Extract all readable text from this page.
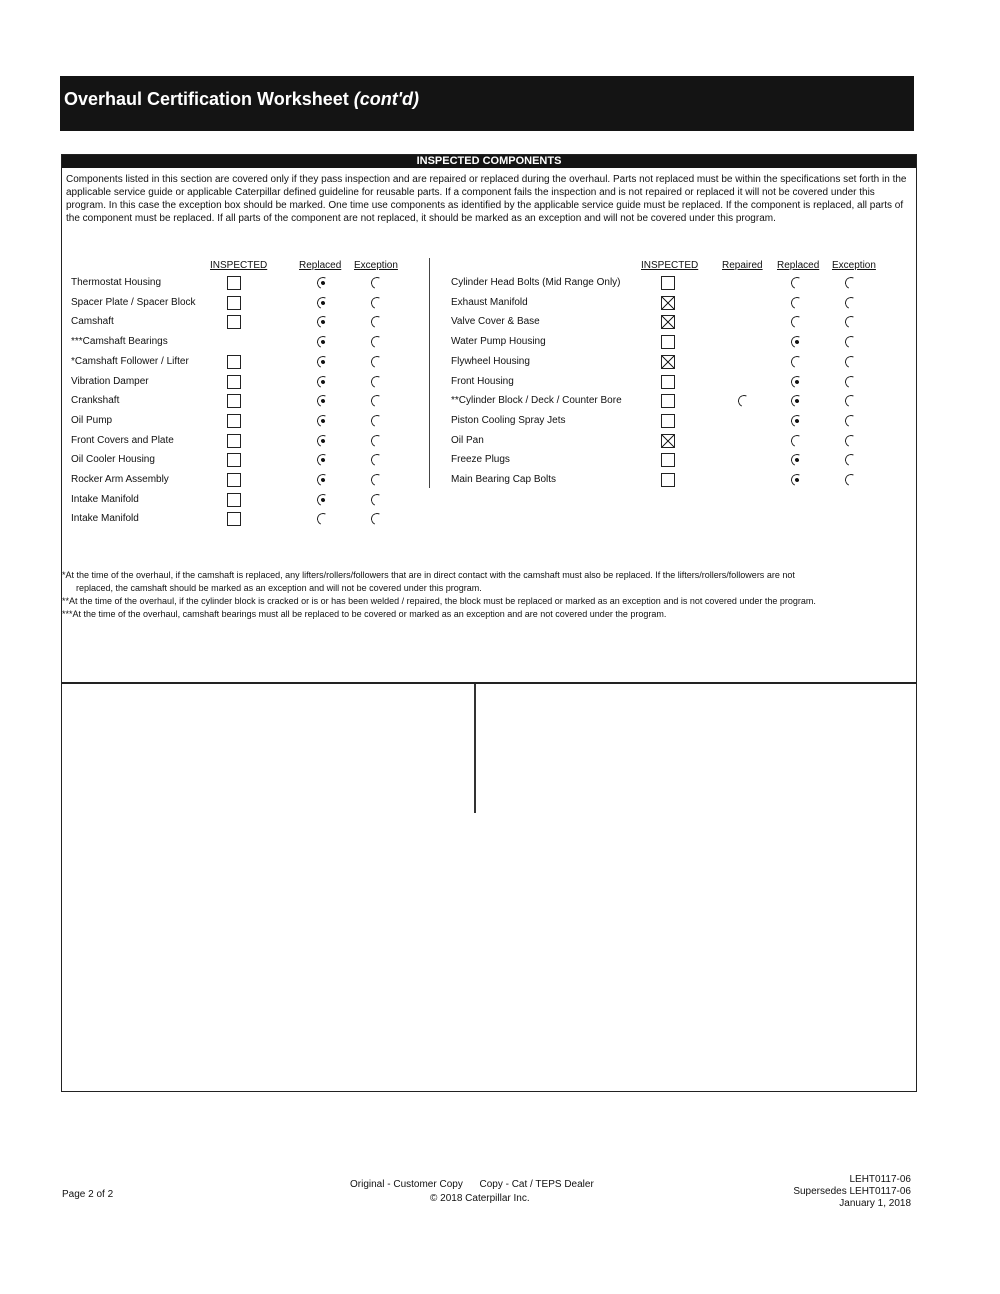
Overhaul Certification Worksheet (cont'd)
INSPECTED COMPONENTS
Components listed in this section are covered only if they pass inspection and are repaired or replaced during the overhaul. Parts not replaced must be within the specifications set forth in the applicable service guide or applicable Caterpillar defined guideline for reusable parts. If a component fails the inspection and is not repaired or replaced it will not be covered under this program. In this case the exception box should be marked. One time use components as identified by the applicable service guide must be replaced. If the component is replaced, all parts of the component must be replaced. If all parts of the component are not replaced, it should be marked as an exception and will not be covered under this program.
INSPECTED	Replaced Exception	INSPECTED Repaired Replaced Exception
Thermostat Housing
Spacer Plate / Spacer Block
Camshaft
***Camshaft Bearings
*Camshaft Follower / Lifter
Vibration Damper
Crankshaft
Oil Pump
Front Covers and Plate
Oil Cooler Housing
Rocker Arm Assembly
Intake Manifold
Intake Manifold
Cylinder Head Bolts (Mid Range Only)
Exhaust Manifold
Valve Cover & Base
Water Pump Housing
Flywheel Housing
Front Housing
**Cylinder Block / Deck / Counter Bore
Piston Cooling Spray Jets
Oil Pan
Freeze Plugs
Main Bearing Cap Bolts
*At the time of the overhaul, if the camshaft is replaced, any lifters/rollers/followers that are in direct contact with the camshaft must also be replaced. If the lifters/rollers/followers are not
replaced, the camshaft should be marked as an exception and will not be covered under this program.
**At the time of the overhaul, if the cylinder block is cracked or is or has been welded / repaired, the block must be replaced or marked as an exception and is not covered under the program.
***At the time of the overhaul, camshaft bearings must all be replaced to be covered or marked as an exception and are not covered under the program.
Page 2 of 2
Original - Customer Copy      Copy - Cat / TEPS Dealer
© 2018 Caterpillar Inc.
LEHT0117-06
Supersedes LEHT0117-06
January 1, 2018
